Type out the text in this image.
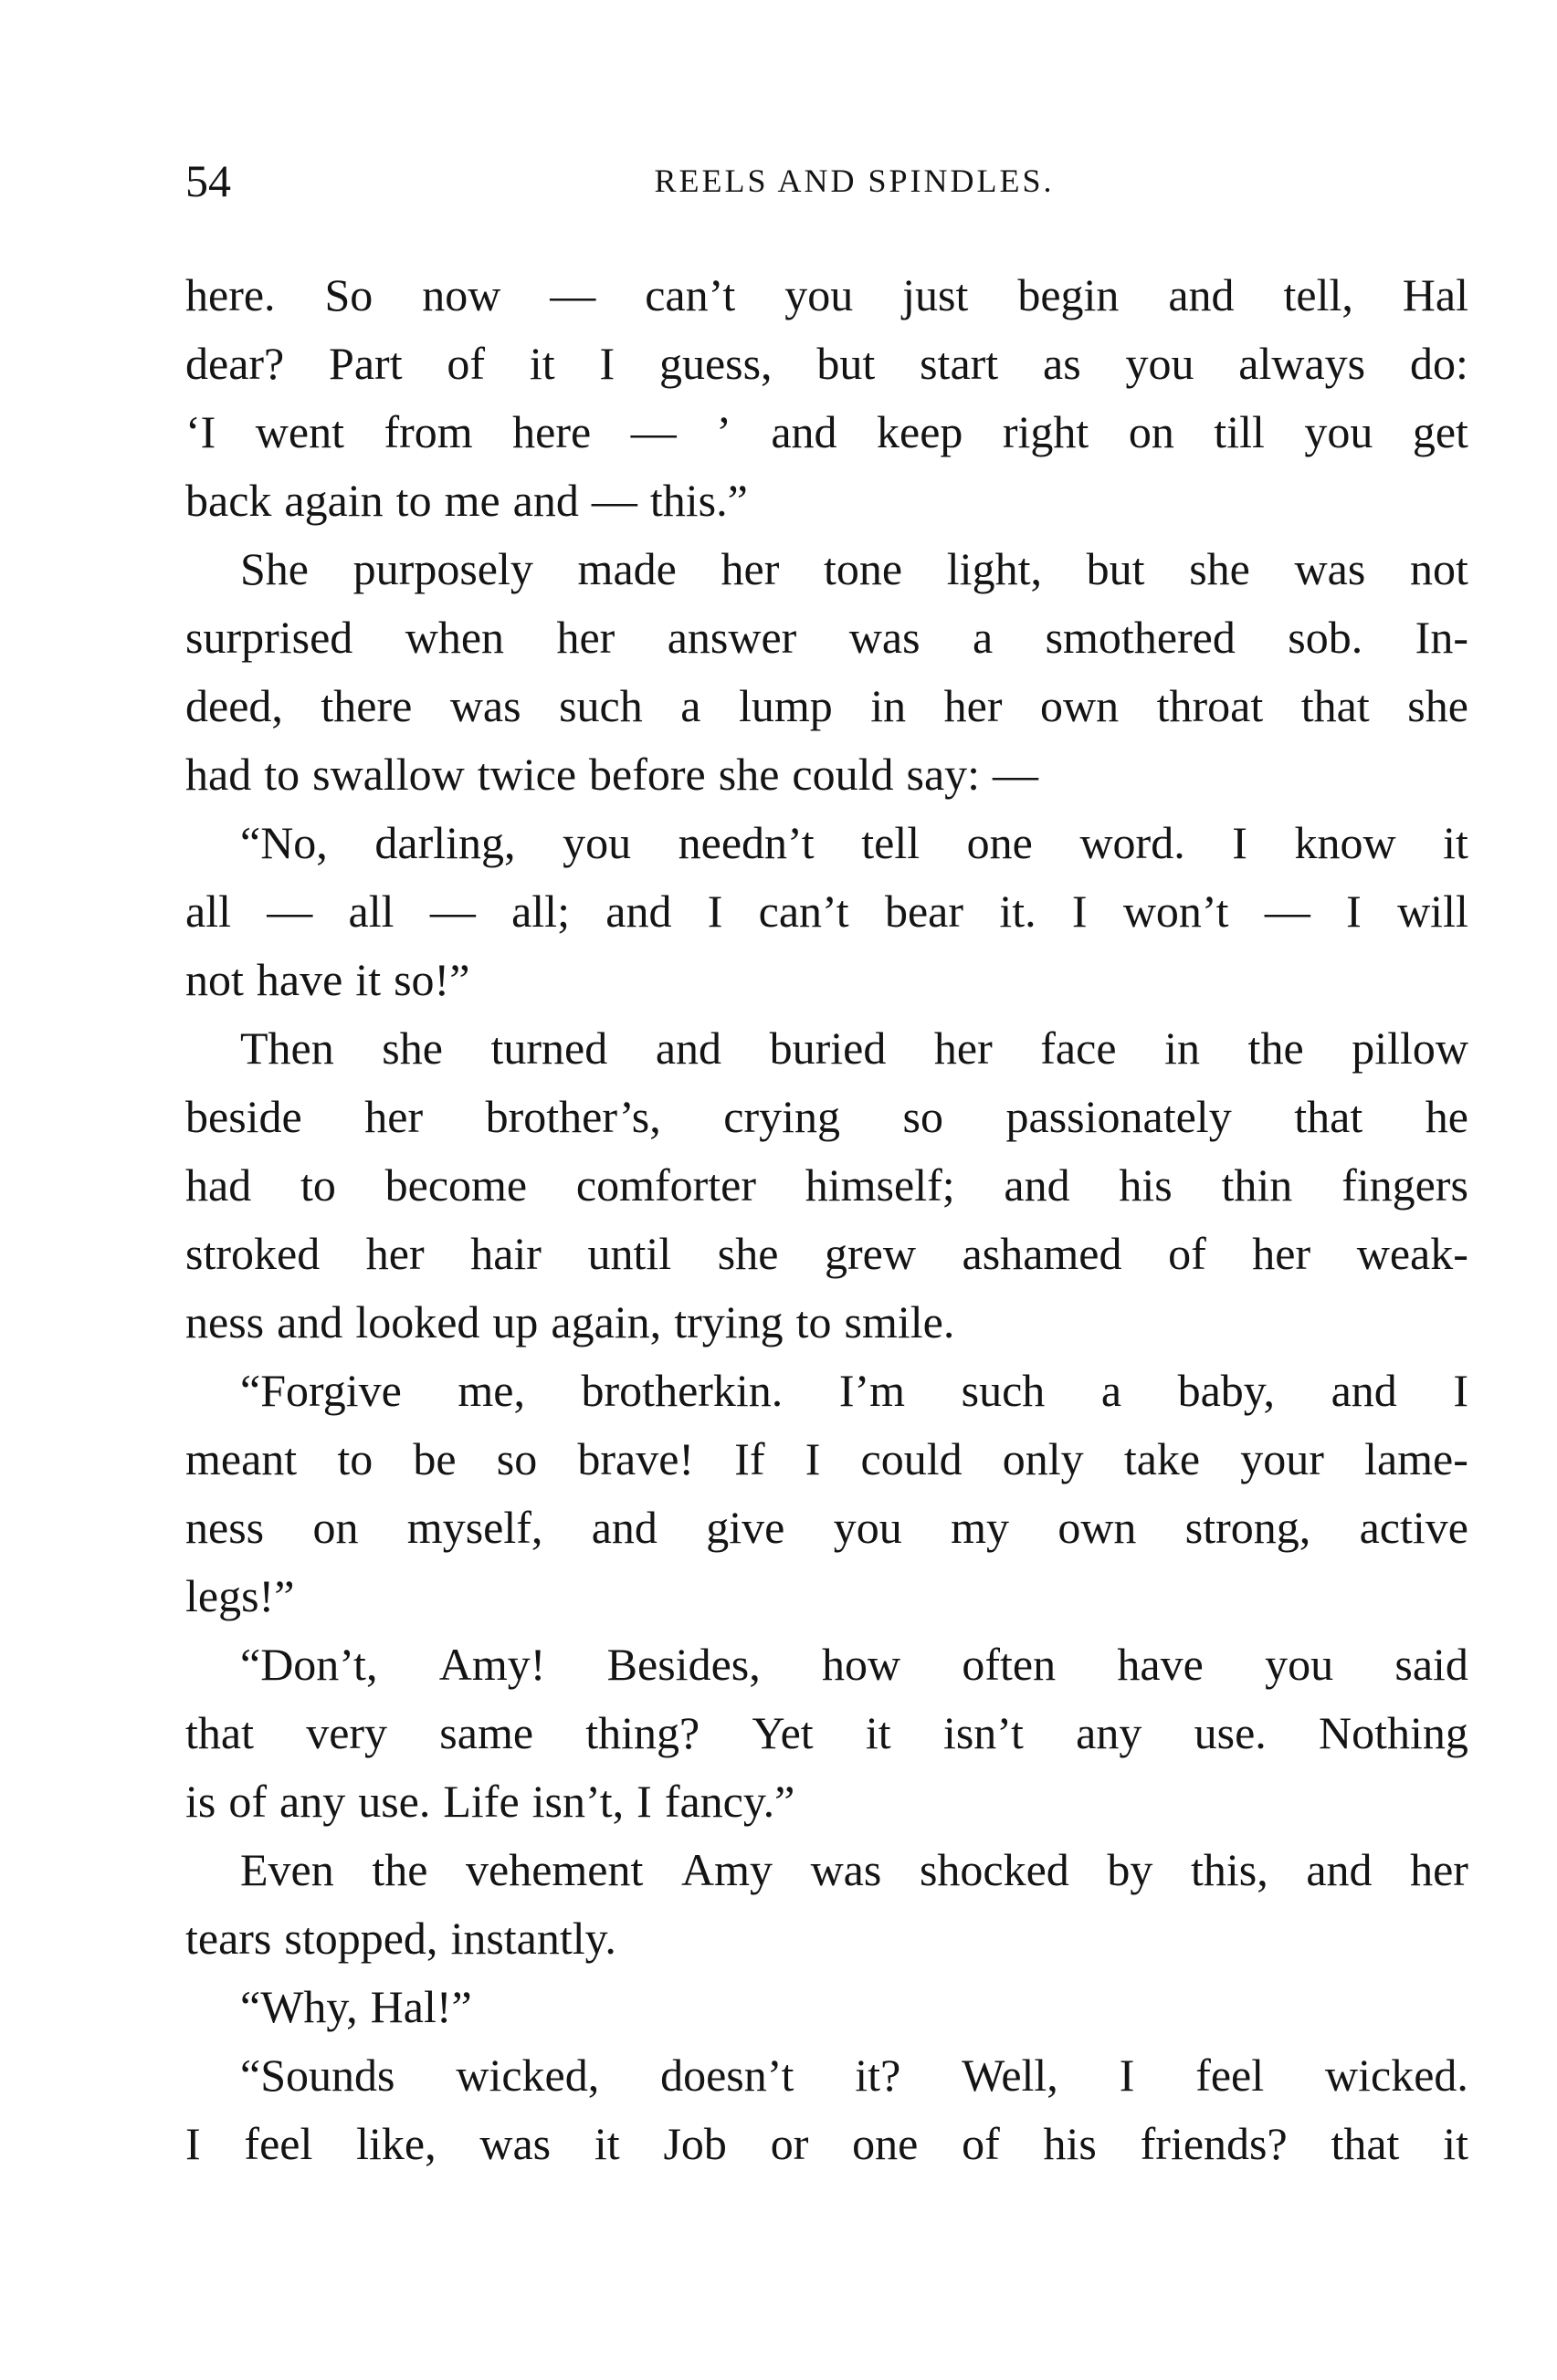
54	REELS AND SPINDLES.
here. So now — can’t you just begin and tell, Hal
dear? Part of it I guess, but start as you always do:
‘I went from here — ’ and keep right on till you get
back again to me and — this.”
She purposely made her tone light, but she was not
surprised when her answer was a smothered sob. In-
deed, there was such a lump in her own throat that she
had to swallow twice before she could say: —
“No, darling, you needn’t tell one word. I know it
all — all — all; and I can’t bear it. I won’t — I will
not have it so!”
Then she turned and buried her face in the pillow
beside her brother’s, crying so passionately that he
had to become comforter himself; and his thin fingers
stroked her hair until she grew ashamed of her weak-
ness and looked up again, trying to smile.
“Forgive me, brotherkin. I’m such a baby, and I
meant to be so brave! If I could only take your lame-
ness on myself, and give you my own strong, active
legs!”
“Don’t, Amy! Besides, how often have you said
that very same thing? Yet it isn’t any use. Nothing
is of any use. Life isn’t, I fancy.”
Even the vehement Amy was shocked by this, and her
tears stopped, instantly.
“Why, Hal!”
“Sounds wicked, doesn’t it? Well, I feel wicked.
I feel like, was it Job or one of his friends? that it
